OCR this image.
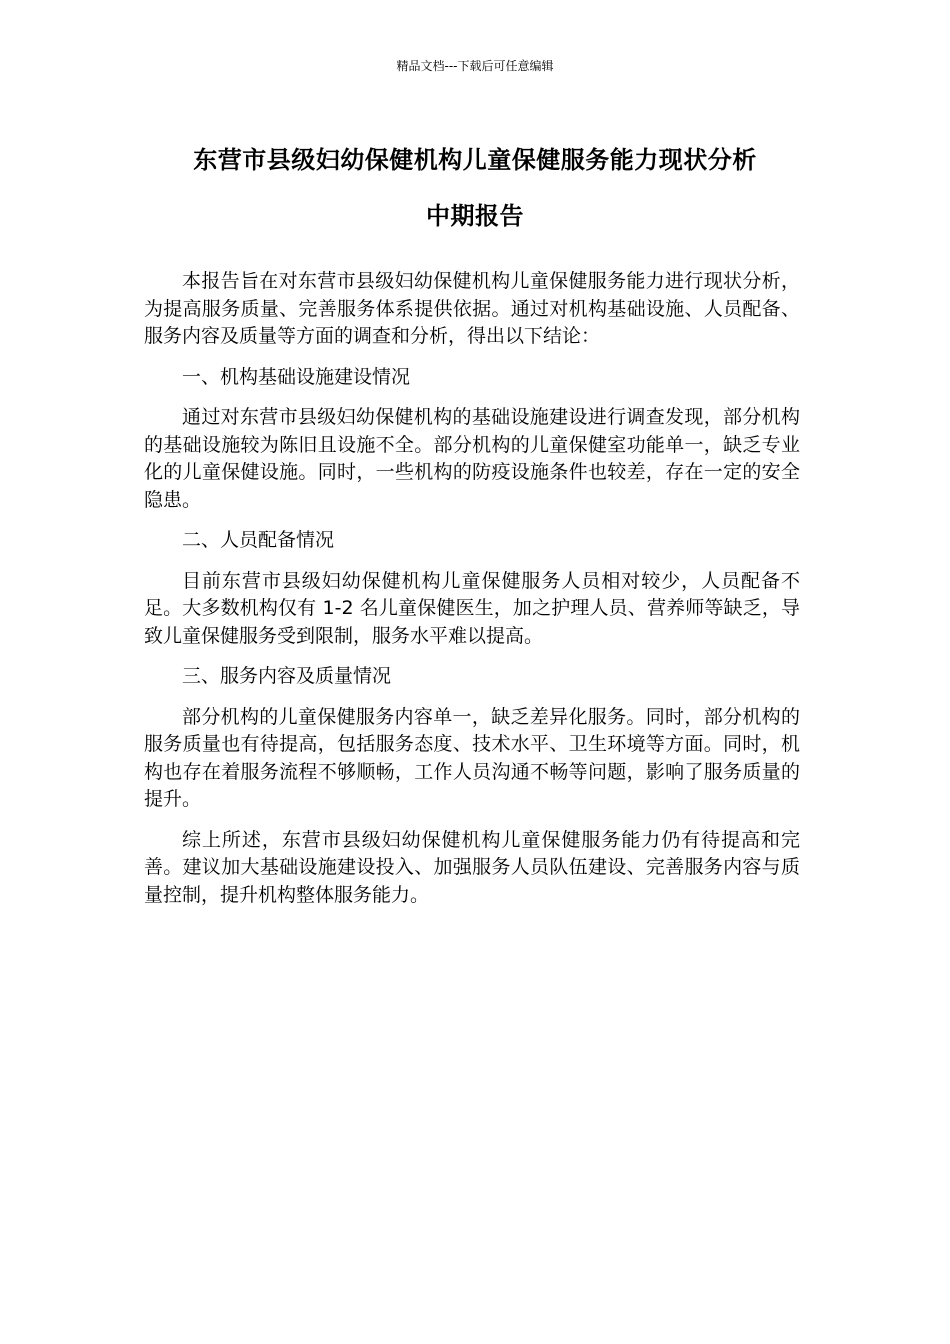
精品文档---下载后可任意编辑
东营市县级妇幼保健机构儿童保健服务能力现状分析
中期报告

本报告旨在对东营市县级妇幼保健机构儿童保健服务能力进行现状分析，为提高服务质量、完善服务体系提供依据。通过对机构基础设施、人员配备、服务内容及质量等方面的调查和分析，得出以下结论：

一、机构基础设施建设情况

通过对东营市县级妇幼保健机构的基础设施建设进行调查发现，部分机构的基础设施较为陈旧且设施不全。部分机构的儿童保健室功能单一，缺乏专业化的儿童保健设施。同时，一些机构的防疫设施条件也较差，存在一定的安全隐患。

二、人员配备情况

目前东营市县级妇幼保健机构儿童保健服务人员相对较少，人员配备不足。大多数机构仅有 1-2 名儿童保健医生，加之护理人员、营养师等缺乏，导致儿童保健服务受到限制，服务水平难以提高。

三、服务内容及质量情况

部分机构的儿童保健服务内容单一，缺乏差异化服务。同时，部分机构的服务质量也有待提高，包括服务态度、技术水平、卫生环境等方面。同时，机构也存在着服务流程不够顺畅，工作人员沟通不畅等问题，影响了服务质量的提升。

综上所述，东营市县级妇幼保健机构儿童保健服务能力仍有待提高和完善。建议加大基础设施建设投入、加强服务人员队伍建设、完善服务内容与质量控制，提升机构整体服务能力。
